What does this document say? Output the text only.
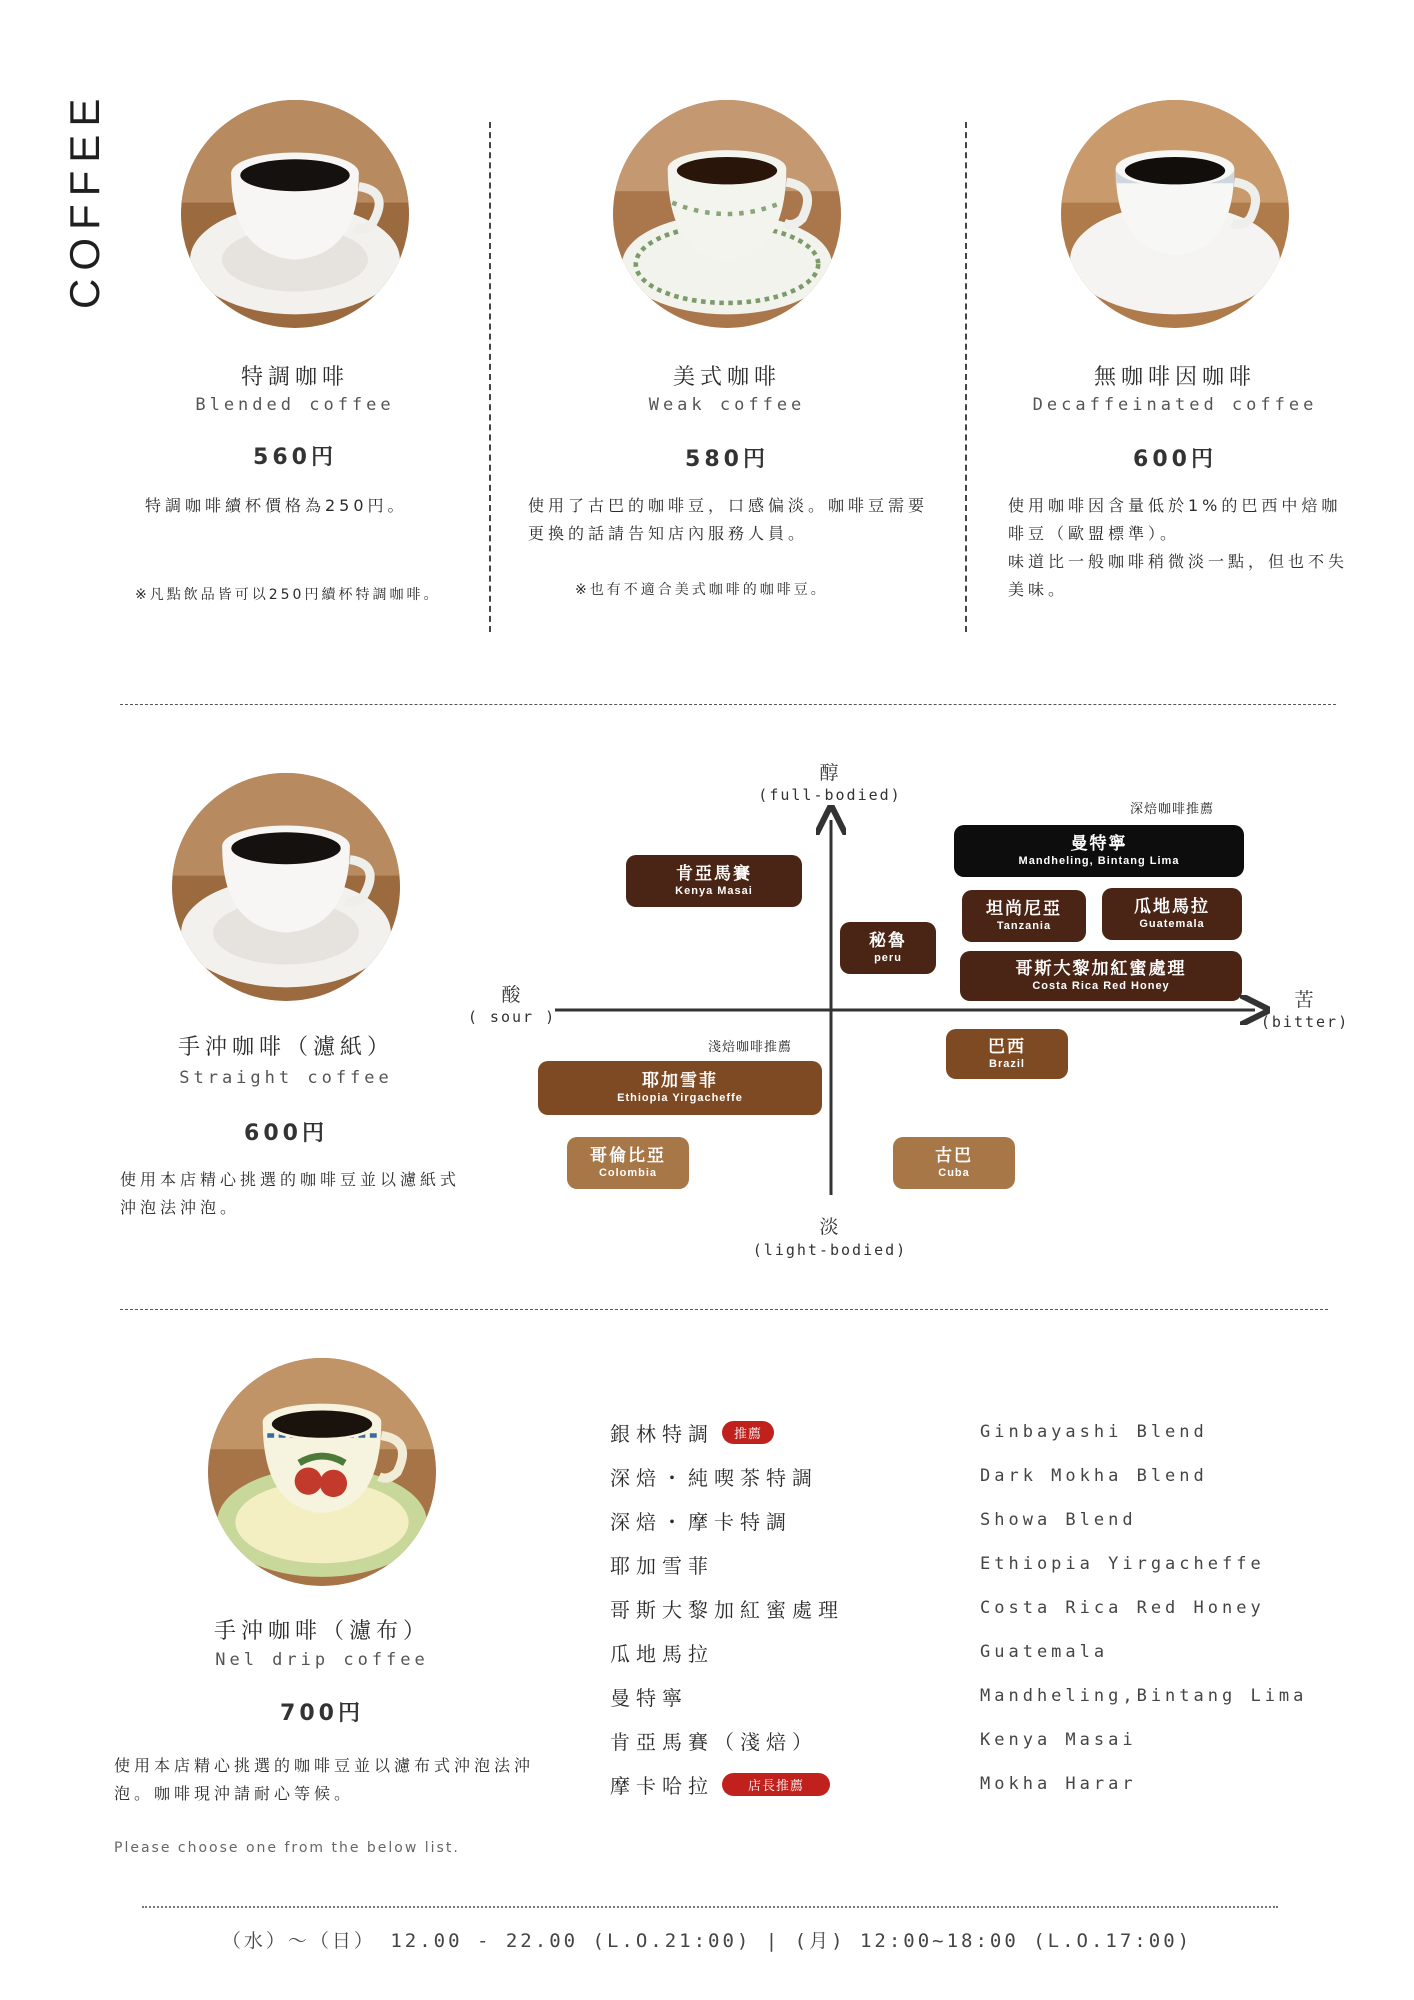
COFFEE
特調咖啡
Blended coffee
560円
特調咖啡續杯價格為250円。
※凡點飲品皆可以250円續杯特調咖啡。
美式咖啡
Weak coffee
580円
使用了古巴的咖啡豆，口感偏淡。咖啡豆需要更換的話請告知店內服務人員。
※也有不適合美式咖啡的咖啡豆。
無咖啡因咖啡
Decaffeinated coffee
600円
使用咖啡因含量低於1%的巴西中焙咖啡豆（歐盟標準）。
味道比一般咖啡稍微淡一點，但也不失美味。
手沖咖啡（濾紙）
Straight coffee
600円
使用本店精心挑選的咖啡豆並以濾紙式沖泡法沖泡。
醇
(full-bodied)
淡
(light-bodied)
酸
( sour )
苦
(bitter)
深焙咖啡推薦
淺焙咖啡推薦
曼特寧
Mandheling, Bintang Lima
肯亞馬賽
Kenya Masai
坦尚尼亞
Tanzania
瓜地馬拉
Guatemala
秘魯
peru
哥斯大黎加紅蜜處理
Costa Rica Red Honey
巴西
Brazil
耶加雪菲
Ethiopia Yirgacheffe
哥倫比亞
Colombia
古巴
Cuba
手沖咖啡（濾布）
Nel drip coffee
700円
使用本店精心挑選的咖啡豆並以濾布式沖泡法沖泡。咖啡現沖請耐心等候。
Please choose one from the below list.
銀林特調	推薦
深焙・純喫茶特調
深焙・摩卡特調
耶加雪菲
哥斯大黎加紅蜜處理
瓜地馬拉
曼特寧
肯亞馬賽（淺焙）
摩卡哈拉	店長推薦
Ginbayashi Blend
Dark Mokha Blend
Showa Blend
Ethiopia Yirgacheffe
Costa Rica Red Honey
Guatemala
Mandheling,Bintang Lima
Kenya Masai
Mokha Harar
（水）～（日） 12.00 - 22.00 (L.O.21:00) | (月) 12:00~18:00 (L.O.17:00)
